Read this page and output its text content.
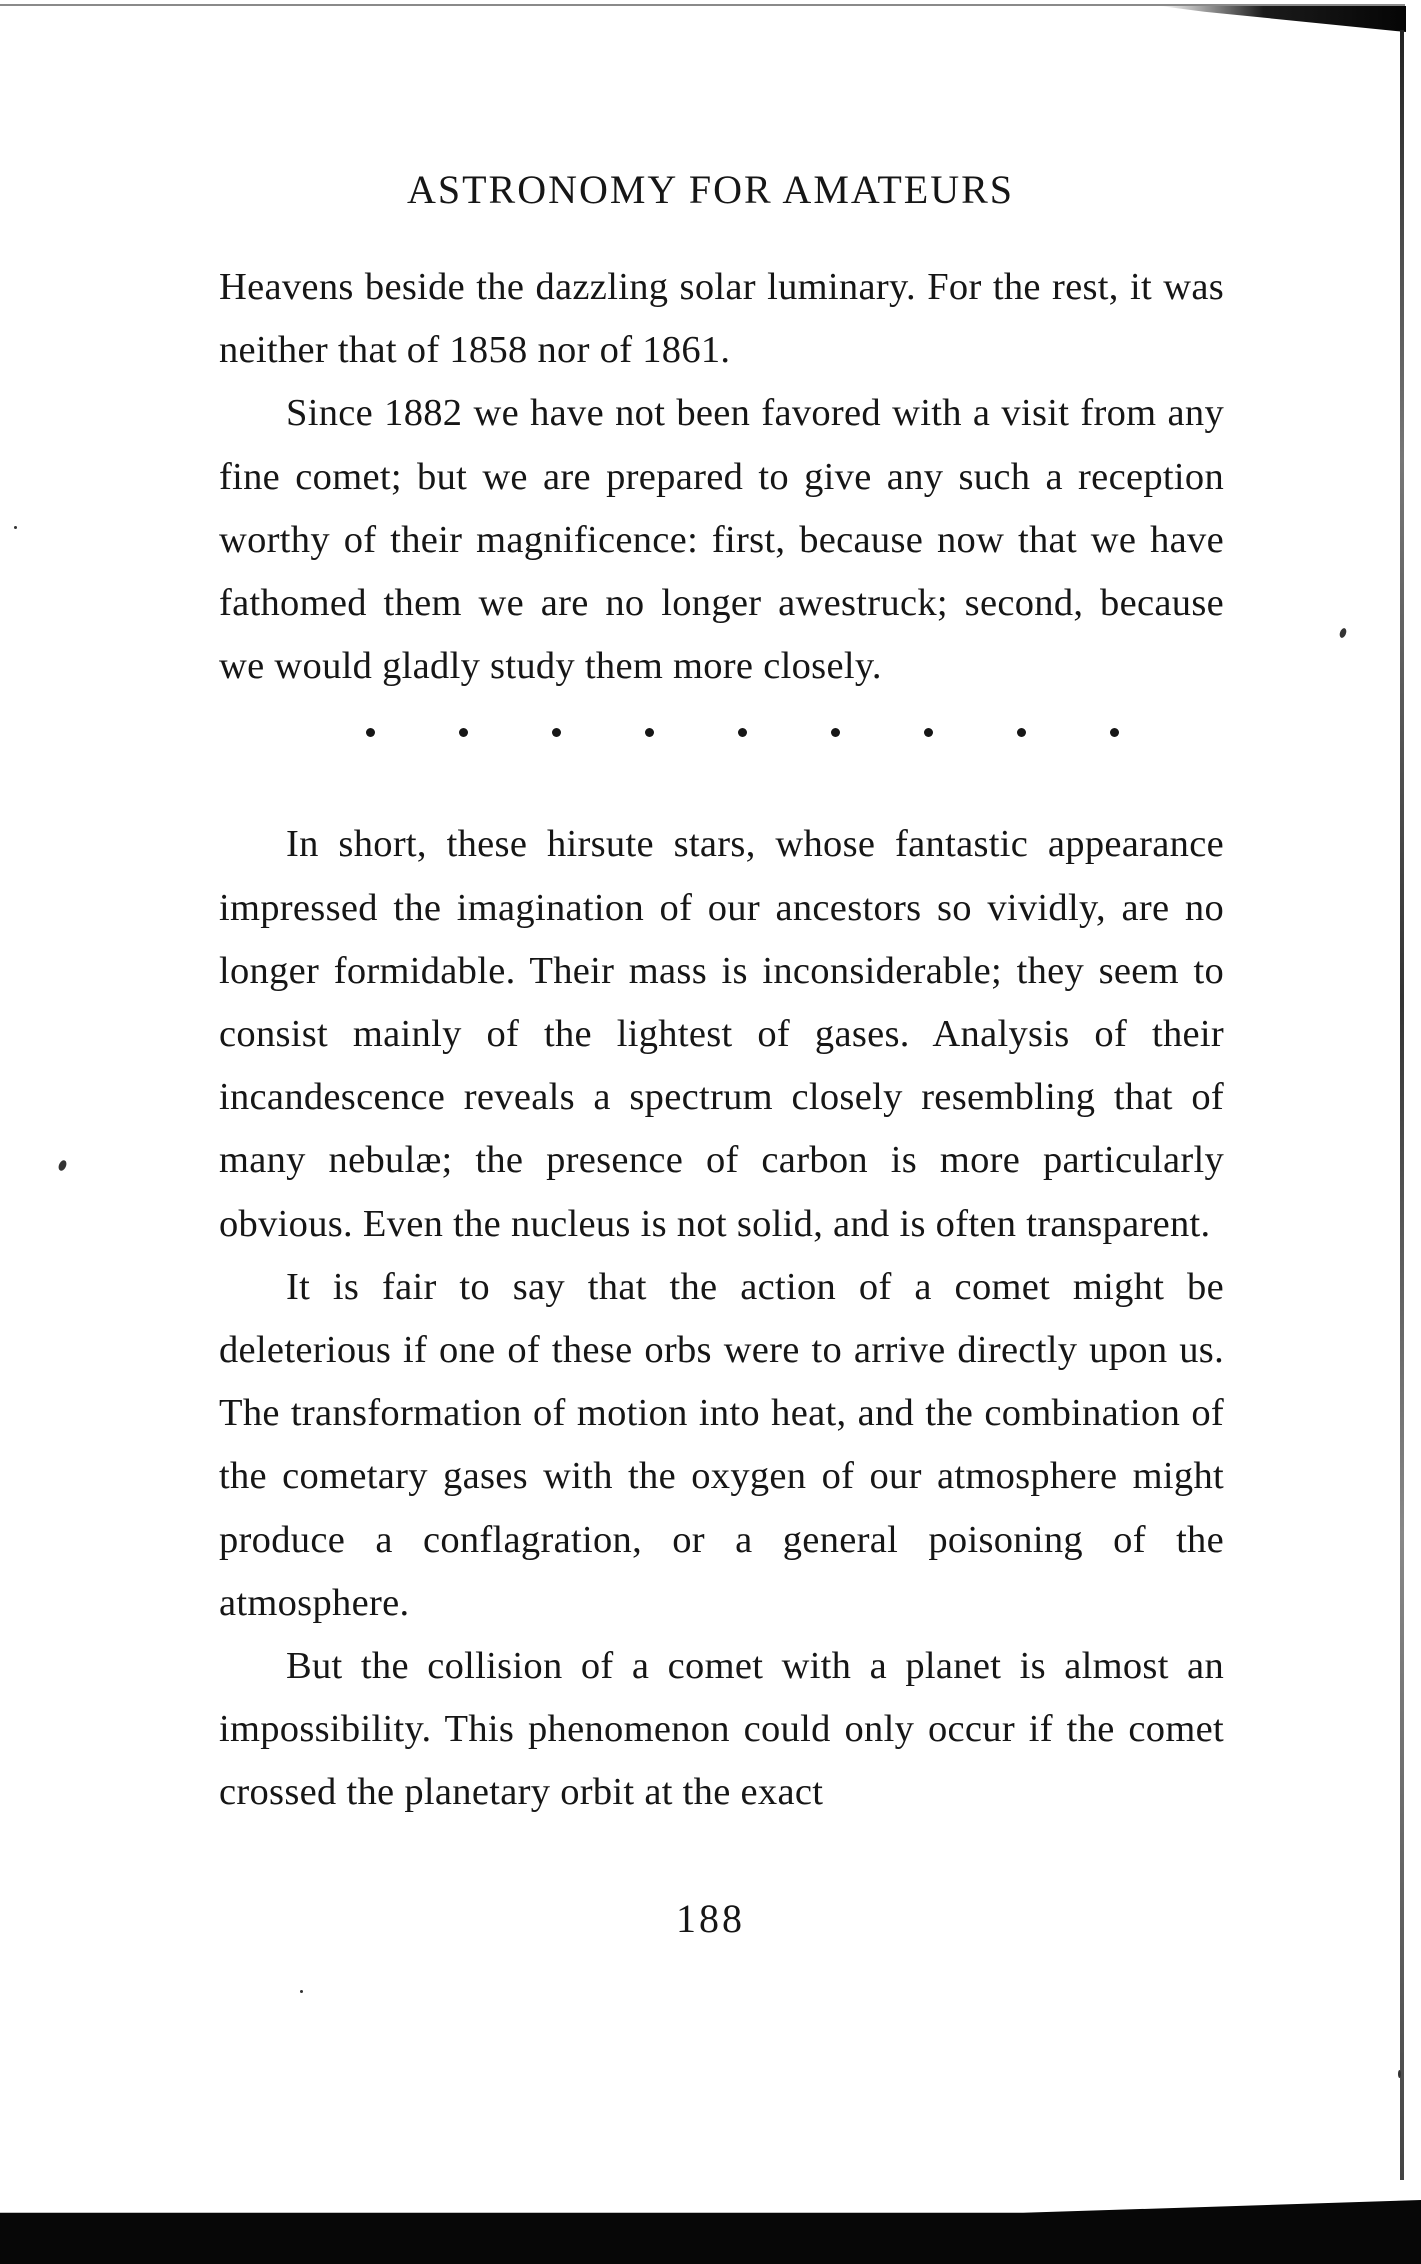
ASTRONOMY FOR AMATEURS

Heavens beside the dazzling solar luminary. For the rest, it was neither that of 1858 nor of 1861.

Since 1882 we have not been favored with a visit from any fine comet; but we are prepared to give any such a reception worthy of their magnificence: first, because now that we have fathomed them we are no longer awestruck; second, because we would gladly study them more closely.

In short, these hirsute stars, whose fantastic appearance impressed the imagination of our ancestors so vividly, are no longer formidable. Their mass is inconsiderable; they seem to consist mainly of the lightest of gases. Analysis of their incandescence reveals a spectrum closely resembling that of many nebulæ; the presence of carbon is more particularly obvious. Even the nucleus is not solid, and is often transparent.

It is fair to say that the action of a comet might be deleterious if one of these orbs were to arrive directly upon us. The transformation of motion into heat, and the combination of the cometary gases with the oxygen of our atmosphere might produce a conflagration, or a general poisoning of the atmosphere.

But the collision of a comet with a planet is almost an impossibility. This phenomenon could only occur if the comet crossed the planetary orbit at the exact

188
